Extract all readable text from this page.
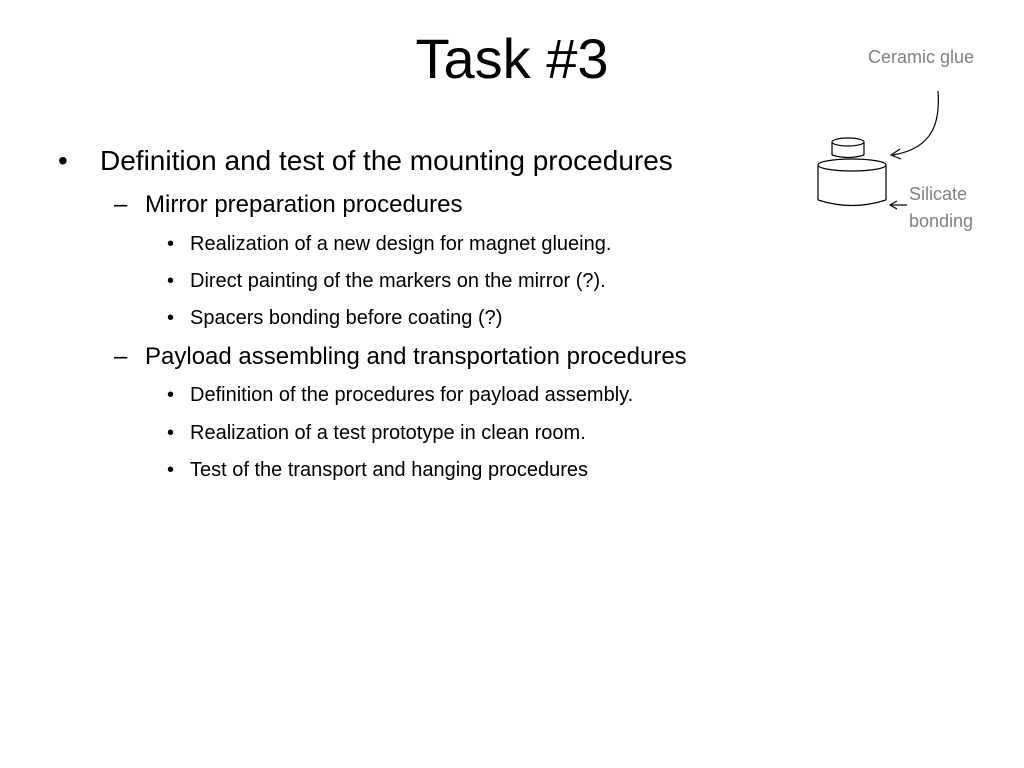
Task #3
• Definition and test of the mounting procedures
– Mirror preparation procedures
• Realization of a new design for magnet glueing.
• Direct painting of the markers on the mirror (?).
• Spacers bonding before coating (?)
– Payload assembling and transportation procedures
• Definition of the procedures for payload assembly.
• Realization of a test prototype in clean room.
• Test of the transport and hanging procedures
Ceramic glue
Silicate
bonding
